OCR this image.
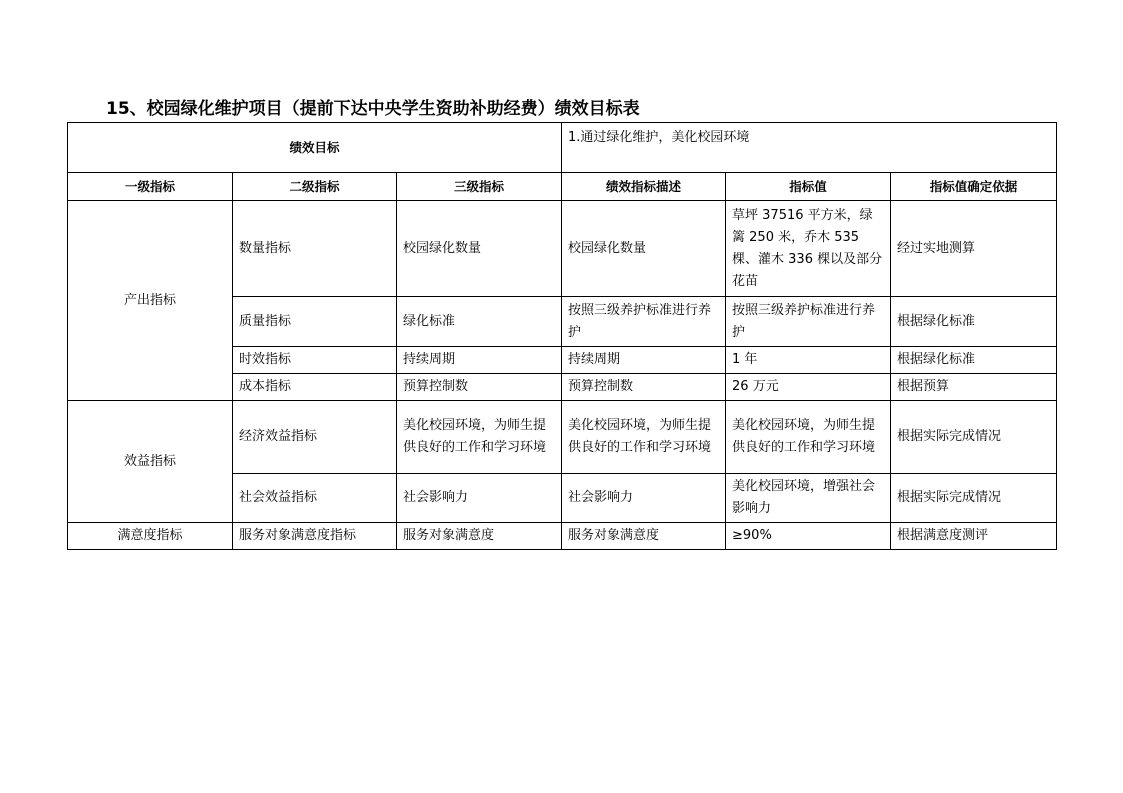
15、校园绿化维护项目（提前下达中央学生资助补助经费）绩效目标表
绩效目标			1.通过绿化维护，美化校园环境		
一级指标	二级指标	三级指标	绩效指标描述	指标值	指标值确定依据
产出指标	数量指标	校园绿化数量	校园绿化数量	草坪 37516 平方米，绿篱 250 米，乔木 535 棵、灌木 336 棵以及部分花苗	经过实地测算
	质量指标	绿化标准	按照三级养护标准进行养护	按照三级养护标准进行养护	根据绿化标准
	时效指标	持续周期	持续周期	1 年	根据绿化标准
	成本指标	预算控制数	预算控制数	26 万元	根据预算
效益指标	经济效益指标	美化校园环境，为师生提供良好的工作和学习环境	美化校园环境，为师生提供良好的工作和学习环境	美化校园环境，为师生提供良好的工作和学习环境	根据实际完成情况
	社会效益指标	社会影响力	社会影响力	美化校园环境，增强社会影响力	根据实际完成情况
满意度指标	服务对象满意度指标	服务对象满意度	服务对象满意度	≥90%	根据满意度测评
